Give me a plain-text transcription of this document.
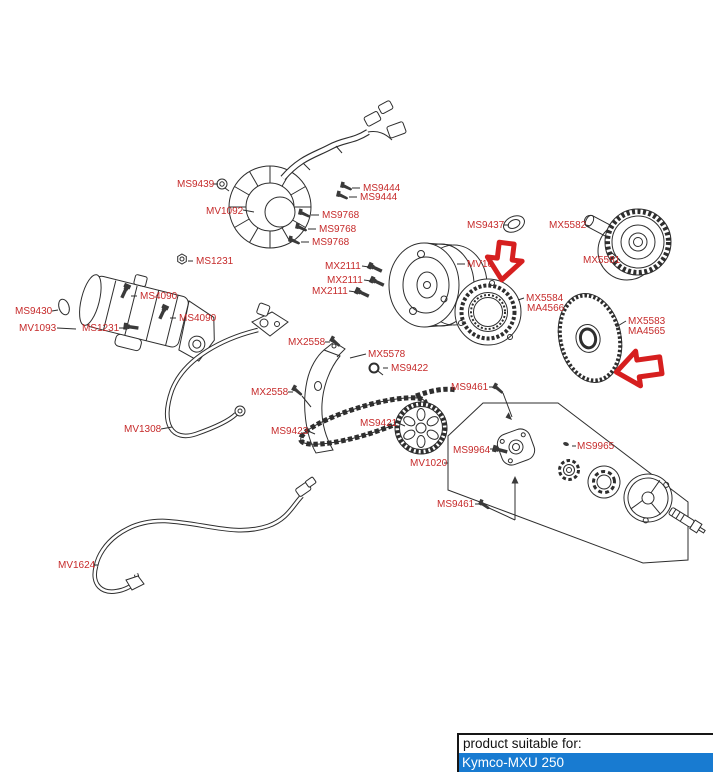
MS9439
MV1092
MS9444
MS9444
MS9768
MS9768
MS9768
MS1231
MS4090
MS4090
MS9430
MV1093	MS1231
MV1308
MX2111
MX2111
MX2111
MS9437	MX5582
MX5581
MV10
MX5584
MA4566
MX5583
MA4565
MX2558
MX5578
MS9422
MX2558
MS9423
MS9421
MS9461
MS9964	MS9965
MS9461
MV1020
MV1624
product suitable for:
Kymco-MXU 250
